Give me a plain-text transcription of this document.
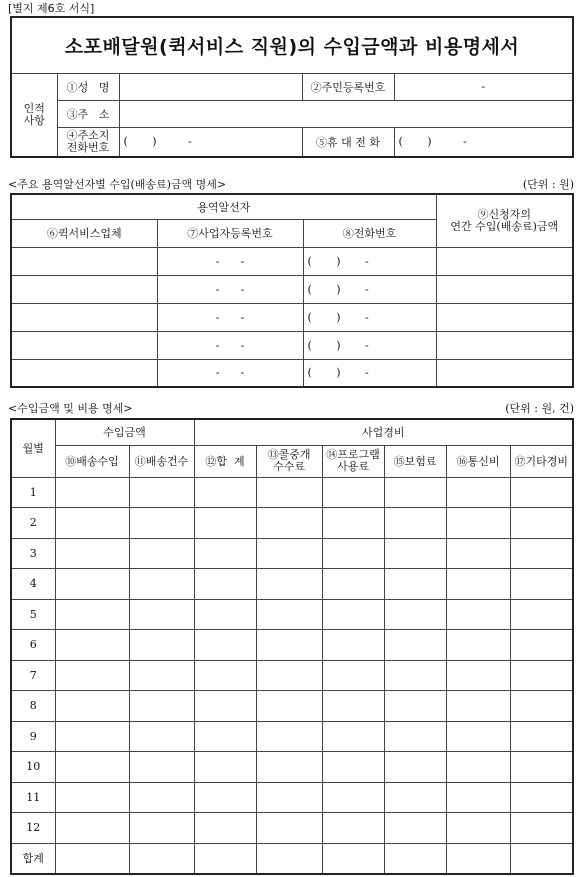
[별지 제6호 서식]
소포배달원(퀵서비스 직원)의 수입금액과 비용명세서				
인적
사항	①성   명		②주민등록번호	-
	③주   소			
	④주소지
전화번호	(       )         -	⑤휴 대 전 화	(       )         -
<주요 용역알선자별 수입(배송료)금액 명세>	(단위 : 원)
용역알선자			⑨신청자의
연간 수입(배송료)금액
⑥퀵서비스업체	⑦사업자등록번호	⑧전화번호	
	-      -	(       )       -	
	-      -	(       )       -	
	-      -	(       )       -	
	-      -	(       )       -	
	-      -	(       )       -	
<수입금액 및 비용 명세>	(단위 : 원, 건)
월별	수입금액		사업경비					
	⑩배송수입	⑪배송건수	⑫합  계	⑬콜중개
수수료	⑭프로그램
사용료	⑮보험료	⑯통신비	⑰기타경비
1								
2								
3								
4								
5								
6								
7								
8								
9								
10								
11								
12								
합계								
